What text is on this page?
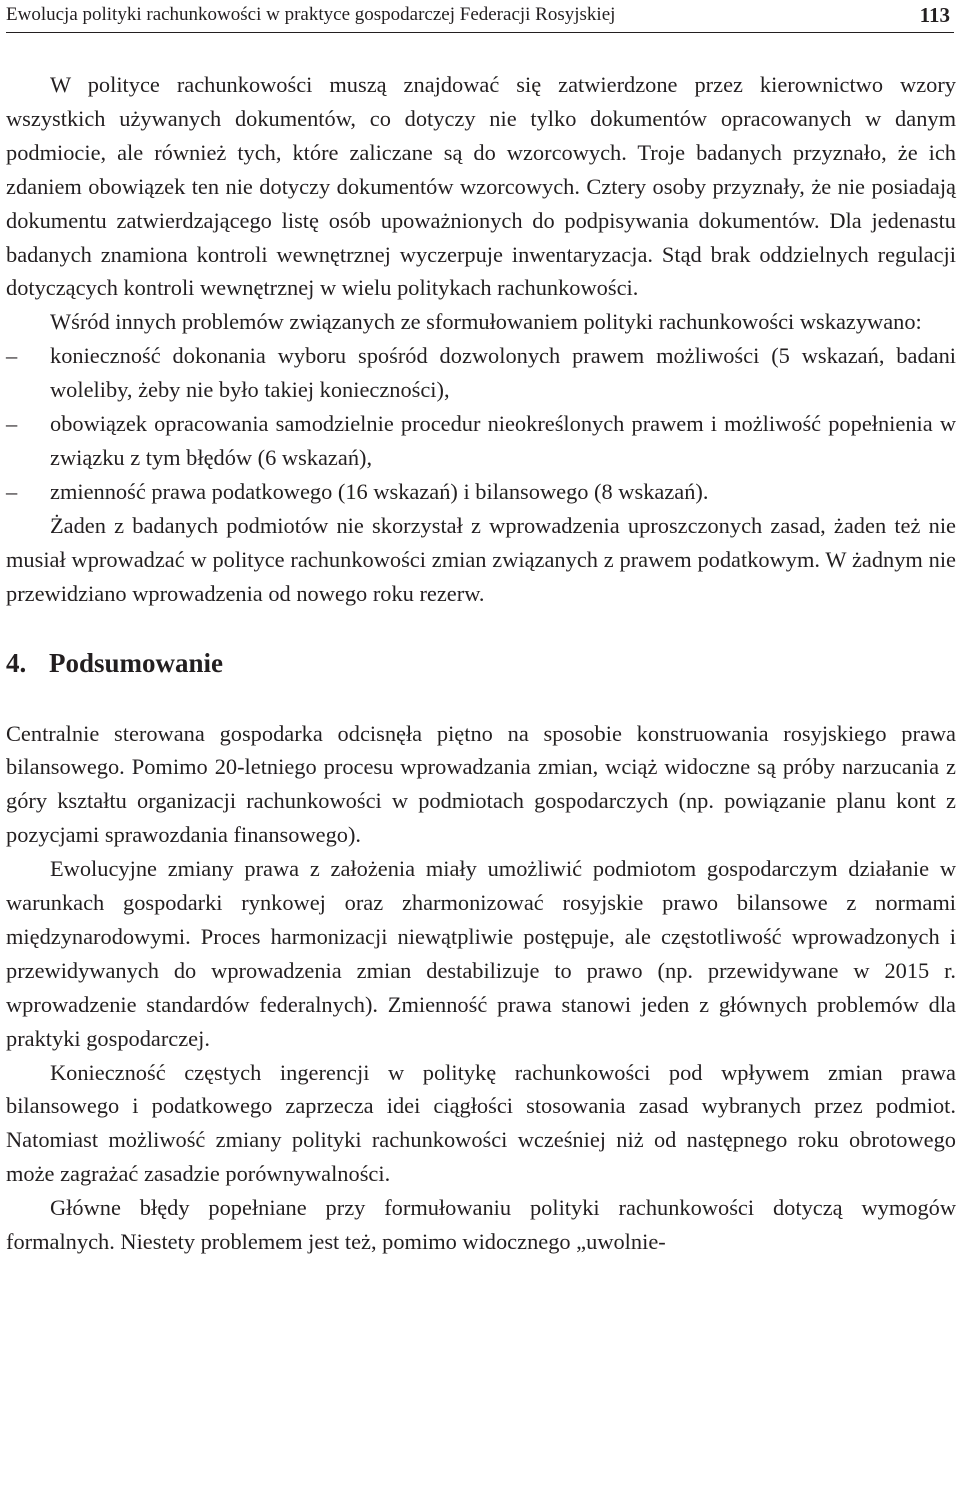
Ewolucja polityki rachunkowości w praktyce gospodarczej Federacji Rosyjskiej	113

W polityce rachunkowości muszą znajdować się zatwierdzone przez kierownictwo wzory wszystkich używanych dokumentów, co dotyczy nie tylko dokumentów opracowanych w danym podmiocie, ale również tych, które zaliczane są do wzorcowych. Troje badanych przyznało, że ich zdaniem obowiązek ten nie dotyczy dokumentów wzorcowych. Cztery osoby przyznały, że nie posiadają dokumentu zatwierdzającego listę osób upoważnionych do podpisywania dokumentów. Dla jedenastu badanych znamiona kontroli wewnętrznej wyczerpuje inwentaryzacja. Stąd brak oddzielnych regulacji dotyczących kontroli wewnętrznej w wielu politykach rachunkowości.

Wśród innych problemów związanych ze sformułowaniem polityki rachunkowości wskazywano:

– konieczność dokonania wyboru spośród dozwolonych prawem możliwości (5 wskazań, badani woleliby, żeby nie było takiej konieczności),
– obowiązek opracowania samodzielnie procedur nieokreślonych prawem i możliwość popełnienia w związku z tym błędów (6 wskazań),
– zmienność prawa podatkowego (16 wskazań) i bilansowego (8 wskazań).

Żaden z badanych podmiotów nie skorzystał z wprowadzenia uproszczonych zasad, żaden też nie musiał wprowadzać w polityce rachunkowości zmian związanych z prawem podatkowym. W żadnym nie przewidziano wprowadzenia od nowego roku rezerw.

4. Podsumowanie

Centralnie sterowana gospodarka odcisnęła piętno na sposobie konstruowania rosyjskiego prawa bilansowego. Pomimo 20-letniego procesu wprowadzania zmian, wciąż widoczne są próby narzucania z góry kształtu organizacji rachunkowości w podmiotach gospodarczych (np. powiązanie planu kont z pozycjami sprawozdania finansowego).

Ewolucyjne zmiany prawa z założenia miały umożliwić podmiotom gospodarczym działanie w warunkach gospodarki rynkowej oraz zharmonizować rosyjskie prawo bilansowe z normami międzynarodowymi. Proces harmonizacji niewątpliwie postępuje, ale częstotliwość wprowadzonych i przewidywanych do wprowadzenia zmian destabilizuje to prawo (np. przewidywane w 2015 r. wprowadzenie standardów federalnych). Zmienność prawa stanowi jeden z głównych problemów dla praktyki gospodarczej.

Konieczność częstych ingerencji w politykę rachunkowości pod wpływem zmian prawa bilansowego i podatkowego zaprzecza idei ciągłości stosowania zasad wybranych przez podmiot. Natomiast możliwość zmiany polityki rachunkowości wcześniej niż od następnego roku obrotowego może zagrażać zasadzie porównywalności.

Główne błędy popełniane przy formułowaniu polityki rachunkowości dotyczą wymogów formalnych. Niestety problemem jest też, pomimo widocznego „uwolnie-
